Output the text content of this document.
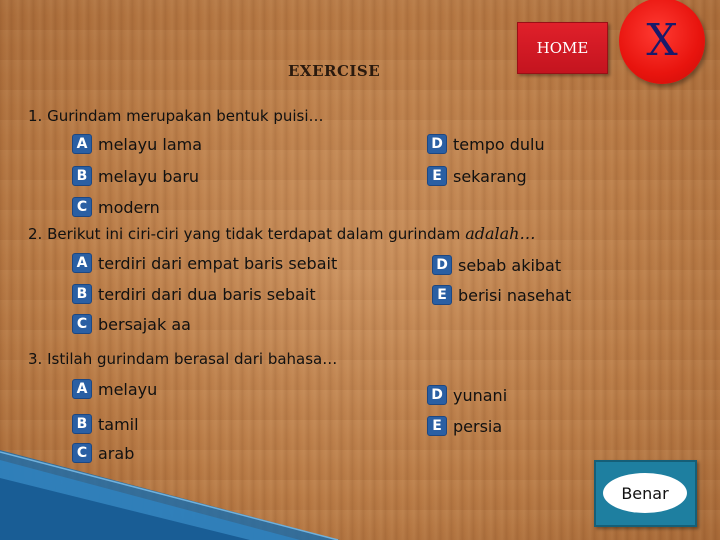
EXERCISE
HOME	X
1. Gurindam merupakan bentuk puisi…
A melayu lama
B melayu baru
C modern
D tempo dulu
E sekarang
2. Berikut ini ciri-ciri yang tidak terdapat dalam gurindam adalah…
A terdiri dari empat baris sebait
B terdiri dari dua baris sebait
C bersajak aa
D sebab akibat
E berisi nasehat
3. Istilah gurindam berasal dari bahasa…
A melayu
B tamil
C arab
D yunani
E persia
Benar
